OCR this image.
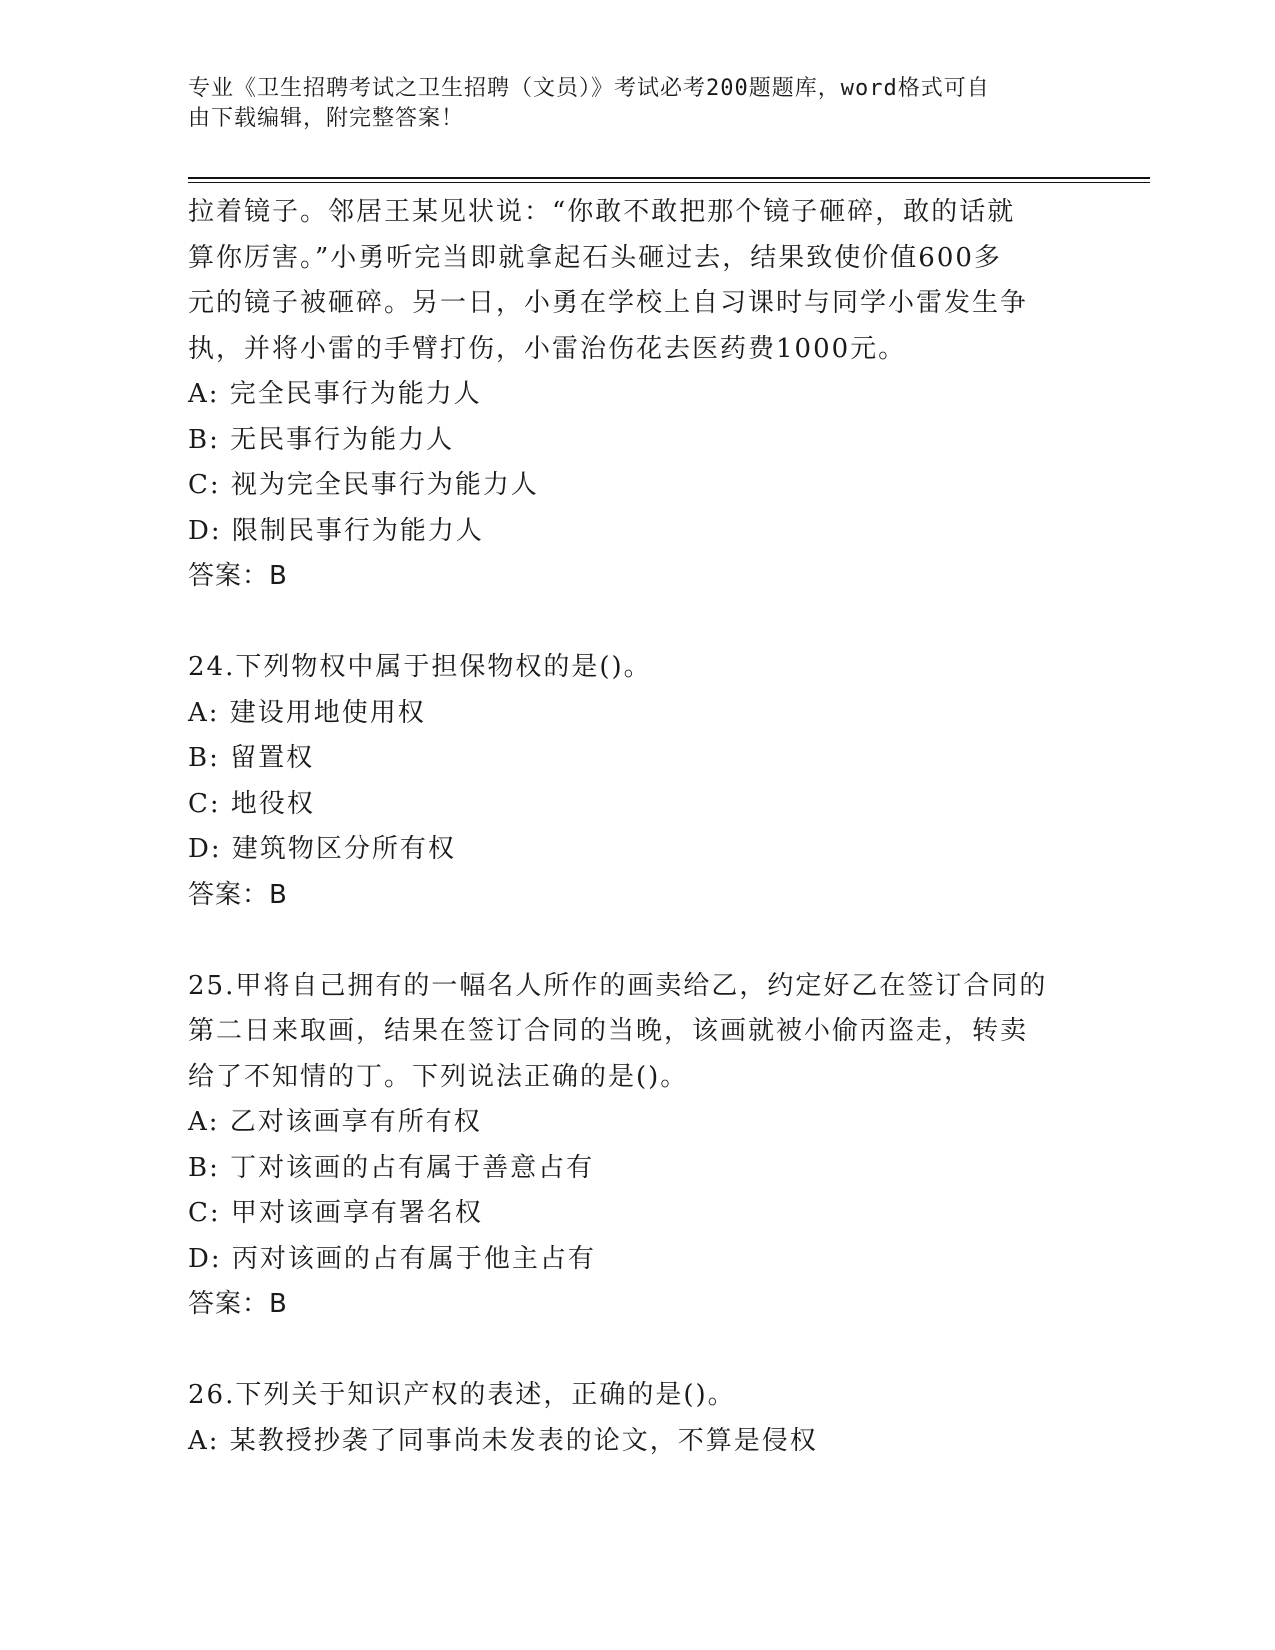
专业《卫生招聘考试之卫生招聘（文员）》考试必考200题题库，word格式可自
由下载编辑，附完整答案！
拉着镜子。邻居王某见状说：“你敢不敢把那个镜子砸碎，敢的话就
算你厉害。”小勇听完当即就拿起石头砸过去，结果致使价值600多
元的镜子被砸碎。另一日，小勇在学校上自习课时与同学小雷发生争
执，并将小雷的手臂打伤，小雷治伤花去医药费1000元。
A: 完全民事行为能力人
B: 无民事行为能力人
C: 视为完全民事行为能力人
D: 限制民事行为能力人
答案：B
24.下列物权中属于担保物权的是()。
A: 建设用地使用权
B: 留置权
C: 地役权
D: 建筑物区分所有权
答案：B
25.甲将自己拥有的一幅名人所作的画卖给乙，约定好乙在签订合同的
第二日来取画，结果在签订合同的当晚，该画就被小偷丙盗走，转卖
给了不知情的丁。下列说法正确的是()。
A: 乙对该画享有所有权
B: 丁对该画的占有属于善意占有
C: 甲对该画享有署名权
D: 丙对该画的占有属于他主占有
答案：B
26.下列关于知识产权的表述，正确的是()。
A: 某教授抄袭了同事尚未发表的论文，不算是侵权
